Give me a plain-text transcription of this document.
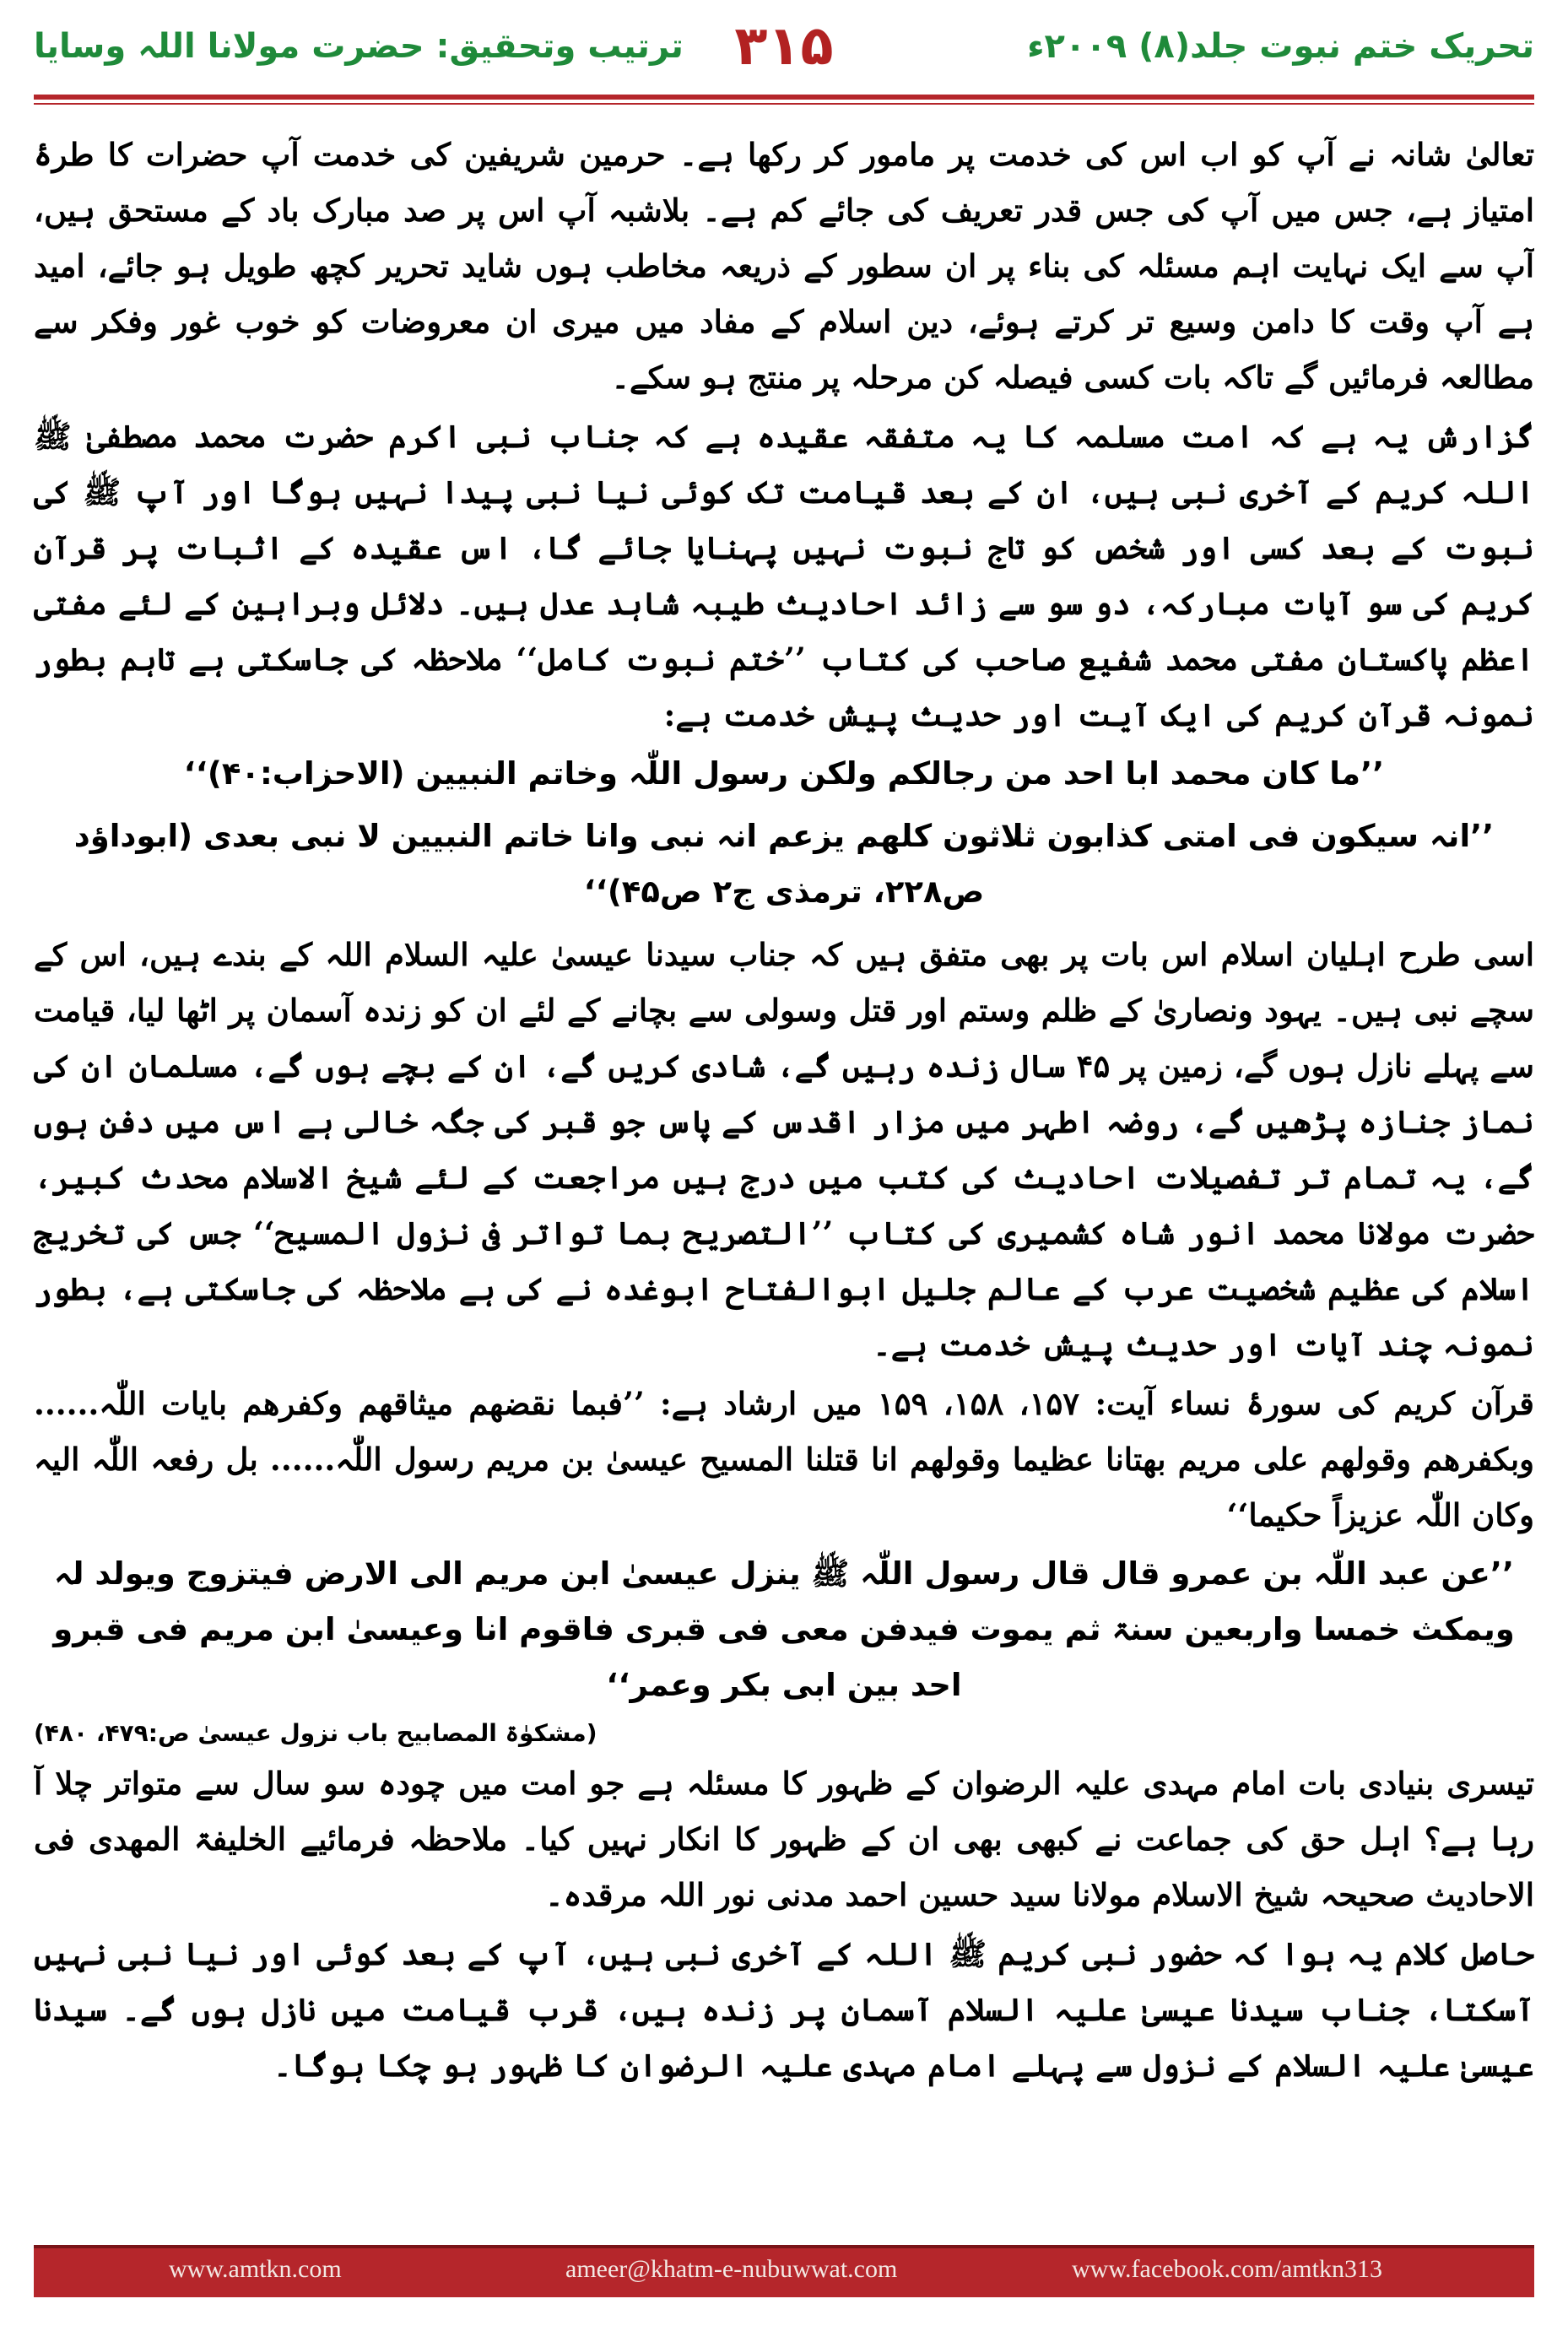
ترتیب وتحقیق: حضرت مولانا اللہ وسایا ۳۱۵	تحریک ختم نبوت جلد(۸) ۲۰۰۹ء

تعالیٰ شانہ نے آپ کو اب اس کی خدمت پر مامور کر رکھا ہے۔ حرمین شریفین کی خدمت آپ حضرات کا طرۂ امتیاز ہے، جس میں آپ کی جس قدر تعریف کی جائے کم ہے۔ بلاشبہ آپ اس پر صد مبارک باد کے مستحق ہیں، آپ سے ایک نہایت اہم مسئلہ کی بناء پر ان سطور کے ذریعہ مخاطب ہوں شاید تحریر کچھ طویل ہو جائے، امید ہے آپ وقت کا دامن وسیع تر کرتے ہوئے، دین اسلام کے مفاد میں میری ان معروضات کو خوب غور وفکر سے مطالعہ فرمائیں گے تاکہ بات کسی فیصلہ کن مرحلہ پر منتج ہو سکے۔

گزارش یہ ہے کہ امت مسلمہ کا یہ متفقہ عقیدہ ہے کہ جناب نبی اکرم حضرت محمد مصطفیٰ ﷺ اللہ کریم کے آخری نبی ہیں، ان کے بعد قیامت تک کوئی نیا نبی پیدا نہیں ہوگا اور آپ ﷺ کی نبوت کے بعد کسی اور شخص کو تاج نبوت نہیں پہنایا جائے گا، اس عقیدہ کے اثبات پر قرآن کریم کی سو آیات مبارکہ، دو سو سے زائد احادیث طیبہ شاہد عدل ہیں۔ دلائل وبراہین کے لئے مفتی اعظم پاکستان مفتی محمد شفیع صاحب کی کتاب ’’ختم نبوت کامل‘‘ ملاحظہ کی جاسکتی ہے تاہم بطور نمونہ قرآن کریم کی ایک آیت اور حدیث پیش خدمت ہے:

’’ما کان محمد ابا احد من رجالکم ولکن رسول اللّٰہ وخاتم النبیین (الاحزاب:۴۰)‘‘

’’انہ سیکون فی امتی کذابون ثلاثون کلھم یزعم انہ نبی وانا خاتم النبیین لا نبی بعدی (ابوداؤد ص۲۲۸، ترمذی ج۲ ص۴۵)‘‘

اسی طرح اہلیان اسلام اس بات پر بھی متفق ہیں کہ جناب سیدنا عیسیٰ علیہ السلام اللہ کے بندے ہیں، اس کے سچے نبی ہیں۔ یہود ونصاریٰ کے ظلم وستم اور قتل وسولی سے بچانے کے لئے ان کو زندہ آسمان پر اٹھا لیا، قیامت سے پہلے نازل ہوں گے، زمین پر ۴۵ سال زندہ رہیں گے، شادی کریں گے، ان کے بچے ہوں گے، مسلمان ان کی نماز جنازہ پڑھیں گے، روضہ اطہر میں مزار اقدس کے پاس جو قبر کی جگہ خالی ہے اس میں دفن ہوں گے، یہ تمام تر تفصیلات احادیث کی کتب میں درج ہیں مراجعت کے لئے شیخ الاسلام محدث کبیر، حضرت مولانا محمد انور شاہ کشمیری کی کتاب ’’التصریح بما تواتر فی نزول المسیح‘‘ جس کی تخریج اسلام کی عظیم شخصیت عرب کے عالم جلیل ابوالفتاح ابوغدہ نے کی ہے ملاحظہ کی جاسکتی ہے، بطور نمونہ چند آیات اور حدیث پیش خدمت ہے۔

قرآن کریم کی سورۂ نساء آیت: ۱۵۷، ۱۵۸، ۱۵۹ میں ارشاد ہے: ’’فبما نقضھم میثاقھم وکفرھم بایات اللّٰہ...... وبکفرھم وقولھم علی مریم بھتانا عظیما وقولھم انا قتلنا المسیح عیسیٰ بن مریم رسول اللّٰہ...... بل رفعہ اللّٰہ الیہ وکان اللّٰہ عزیزاً حکیما‘‘

’’عن عبد اللّٰہ بن عمرو قال قال رسول اللّٰہ ﷺ ینزل عیسیٰ ابن مریم الی الارض فیتزوج ویولد لہ ویمکث خمسا واربعین سنۃ ثم یموت فیدفن معی فی قبری فاقوم انا وعیسیٰ ابن مریم فی قبرو احد بین ابی بکر وعمر‘‘

(مشکوٰۃ المصابیح باب نزول عیسیٰ ص:۴۷۹، ۴۸۰)

تیسری بنیادی بات امام مہدی علیہ الرضوان کے ظہور کا مسئلہ ہے جو امت میں چودہ سو سال سے متواتر چلا آ رہا ہے؟ اہل حق کی جماعت نے کبھی بھی ان کے ظہور کا انکار نہیں کیا۔ ملاحظہ فرمائیے الخلیفۃ المھدی فی الاحادیث صحیحہ شیخ الاسلام مولانا سید حسین احمد مدنی نور اللہ مرقدہ۔

حاصل کلام یہ ہوا کہ حضور نبی کریم ﷺ اللہ کے آخری نبی ہیں، آپ کے بعد کوئی اور نیا نبی نہیں آسکتا، جناب سیدنا عیسیٰ علیہ السلام آسمان پر زندہ ہیں، قرب قیامت میں نازل ہوں گے۔ سیدنا عیسیٰ علیہ السلام کے نزول سے پہلے امام مہدی علیہ الرضوان کا ظہور ہو چکا ہوگا۔

www.amtkn.com	ameer@khatm-e-nubuwwat.com	www.facebook.com/amtkn313
